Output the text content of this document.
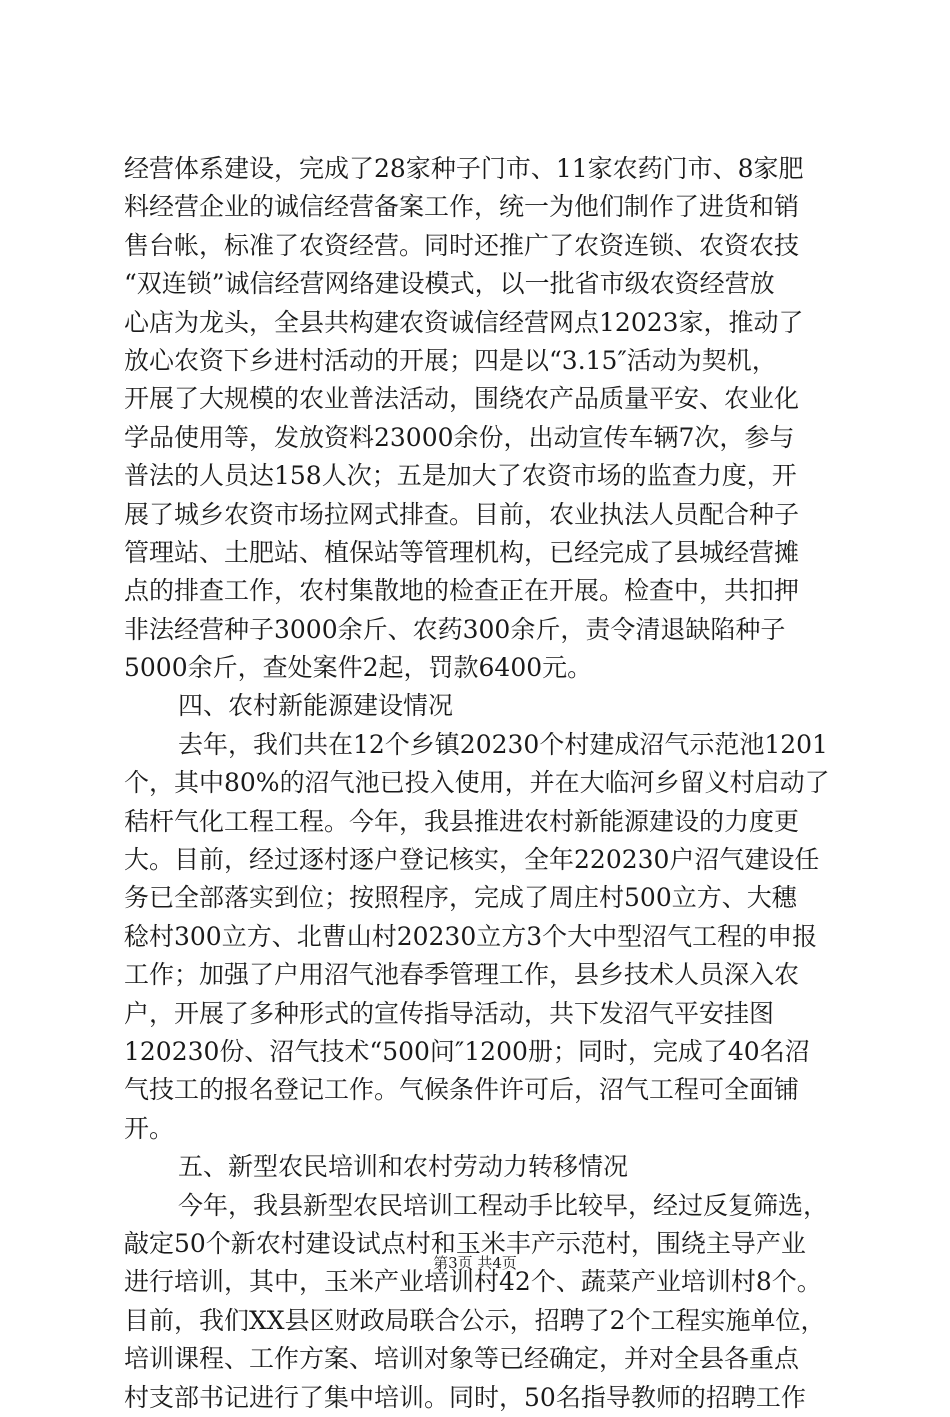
经营体系建设，完成了28家种子门市、11家农药门市、8家肥
料经营企业的诚信经营备案工作，统一为他们制作了进货和销
售台帐，标准了农资经营。同时还推广了农资连锁、农资农技
“双连锁”诚信经营网络建设模式，以一批省市级农资经营放
心店为龙头，全县共构建农资诚信经营网点12023家，推动了
放心农资下乡进村活动的开展；四是以“3.15″活动为契机，
开展了大规模的农业普法活动，围绕农产品质量平安、农业化
学品使用等，发放资料23000余份，出动宣传车辆7次，参与
普法的人员达158人次；五是加大了农资市场的监查力度，开
展了城乡农资市场拉网式排查。目前，农业执法人员配合种子
管理站、土肥站、植保站等管理机构，已经完成了县城经营摊
点的排查工作，农村集散地的检查正在开展。检查中，共扣押
非法经营种子3000余斤、农药300余斤，责令清退缺陷种子
5000余斤，查处案件2起，罚款6400元。
四、农村新能源建设情况
去年，我们共在12个乡镇20230个村建成沼气示范池1201
个，其中80%的沼气池已投入使用，并在大临河乡留义村启动了
秸杆气化工程工程。今年，我县推进农村新能源建设的力度更
大。目前，经过逐村逐户登记核实，全年220230户沼气建设任
务已全部落实到位；按照程序，完成了周庄村500立方、大穗
稔村300立方、北曹山村20230立方3个大中型沼气工程的申报
工作；加强了户用沼气池春季管理工作，县乡技术人员深入农
户，开展了多种形式的宣传指导活动，共下发沼气平安挂图
120230份、沼气技术“500问″1200册；同时，完成了40名沼
气技工的报名登记工作。气候条件许可后，沼气工程可全面铺
开。
五、新型农民培训和农村劳动力转移情况
今年，我县新型农民培训工程动手比较早，经过反复筛选，
敲定50个新农村建设试点村和玉米丰产示范村，围绕主导产业
进行培训，其中，玉米产业培训村42个、蔬菜产业培训村8个。
目前，我们XX县区财政局联合公示，招聘了2个工程实施单位，
培训课程、工作方案、培训对象等已经确定，并对全县各重点
村支部书记进行了集中培训。同时，50名指导教师的招聘工作
第3页 共4页
